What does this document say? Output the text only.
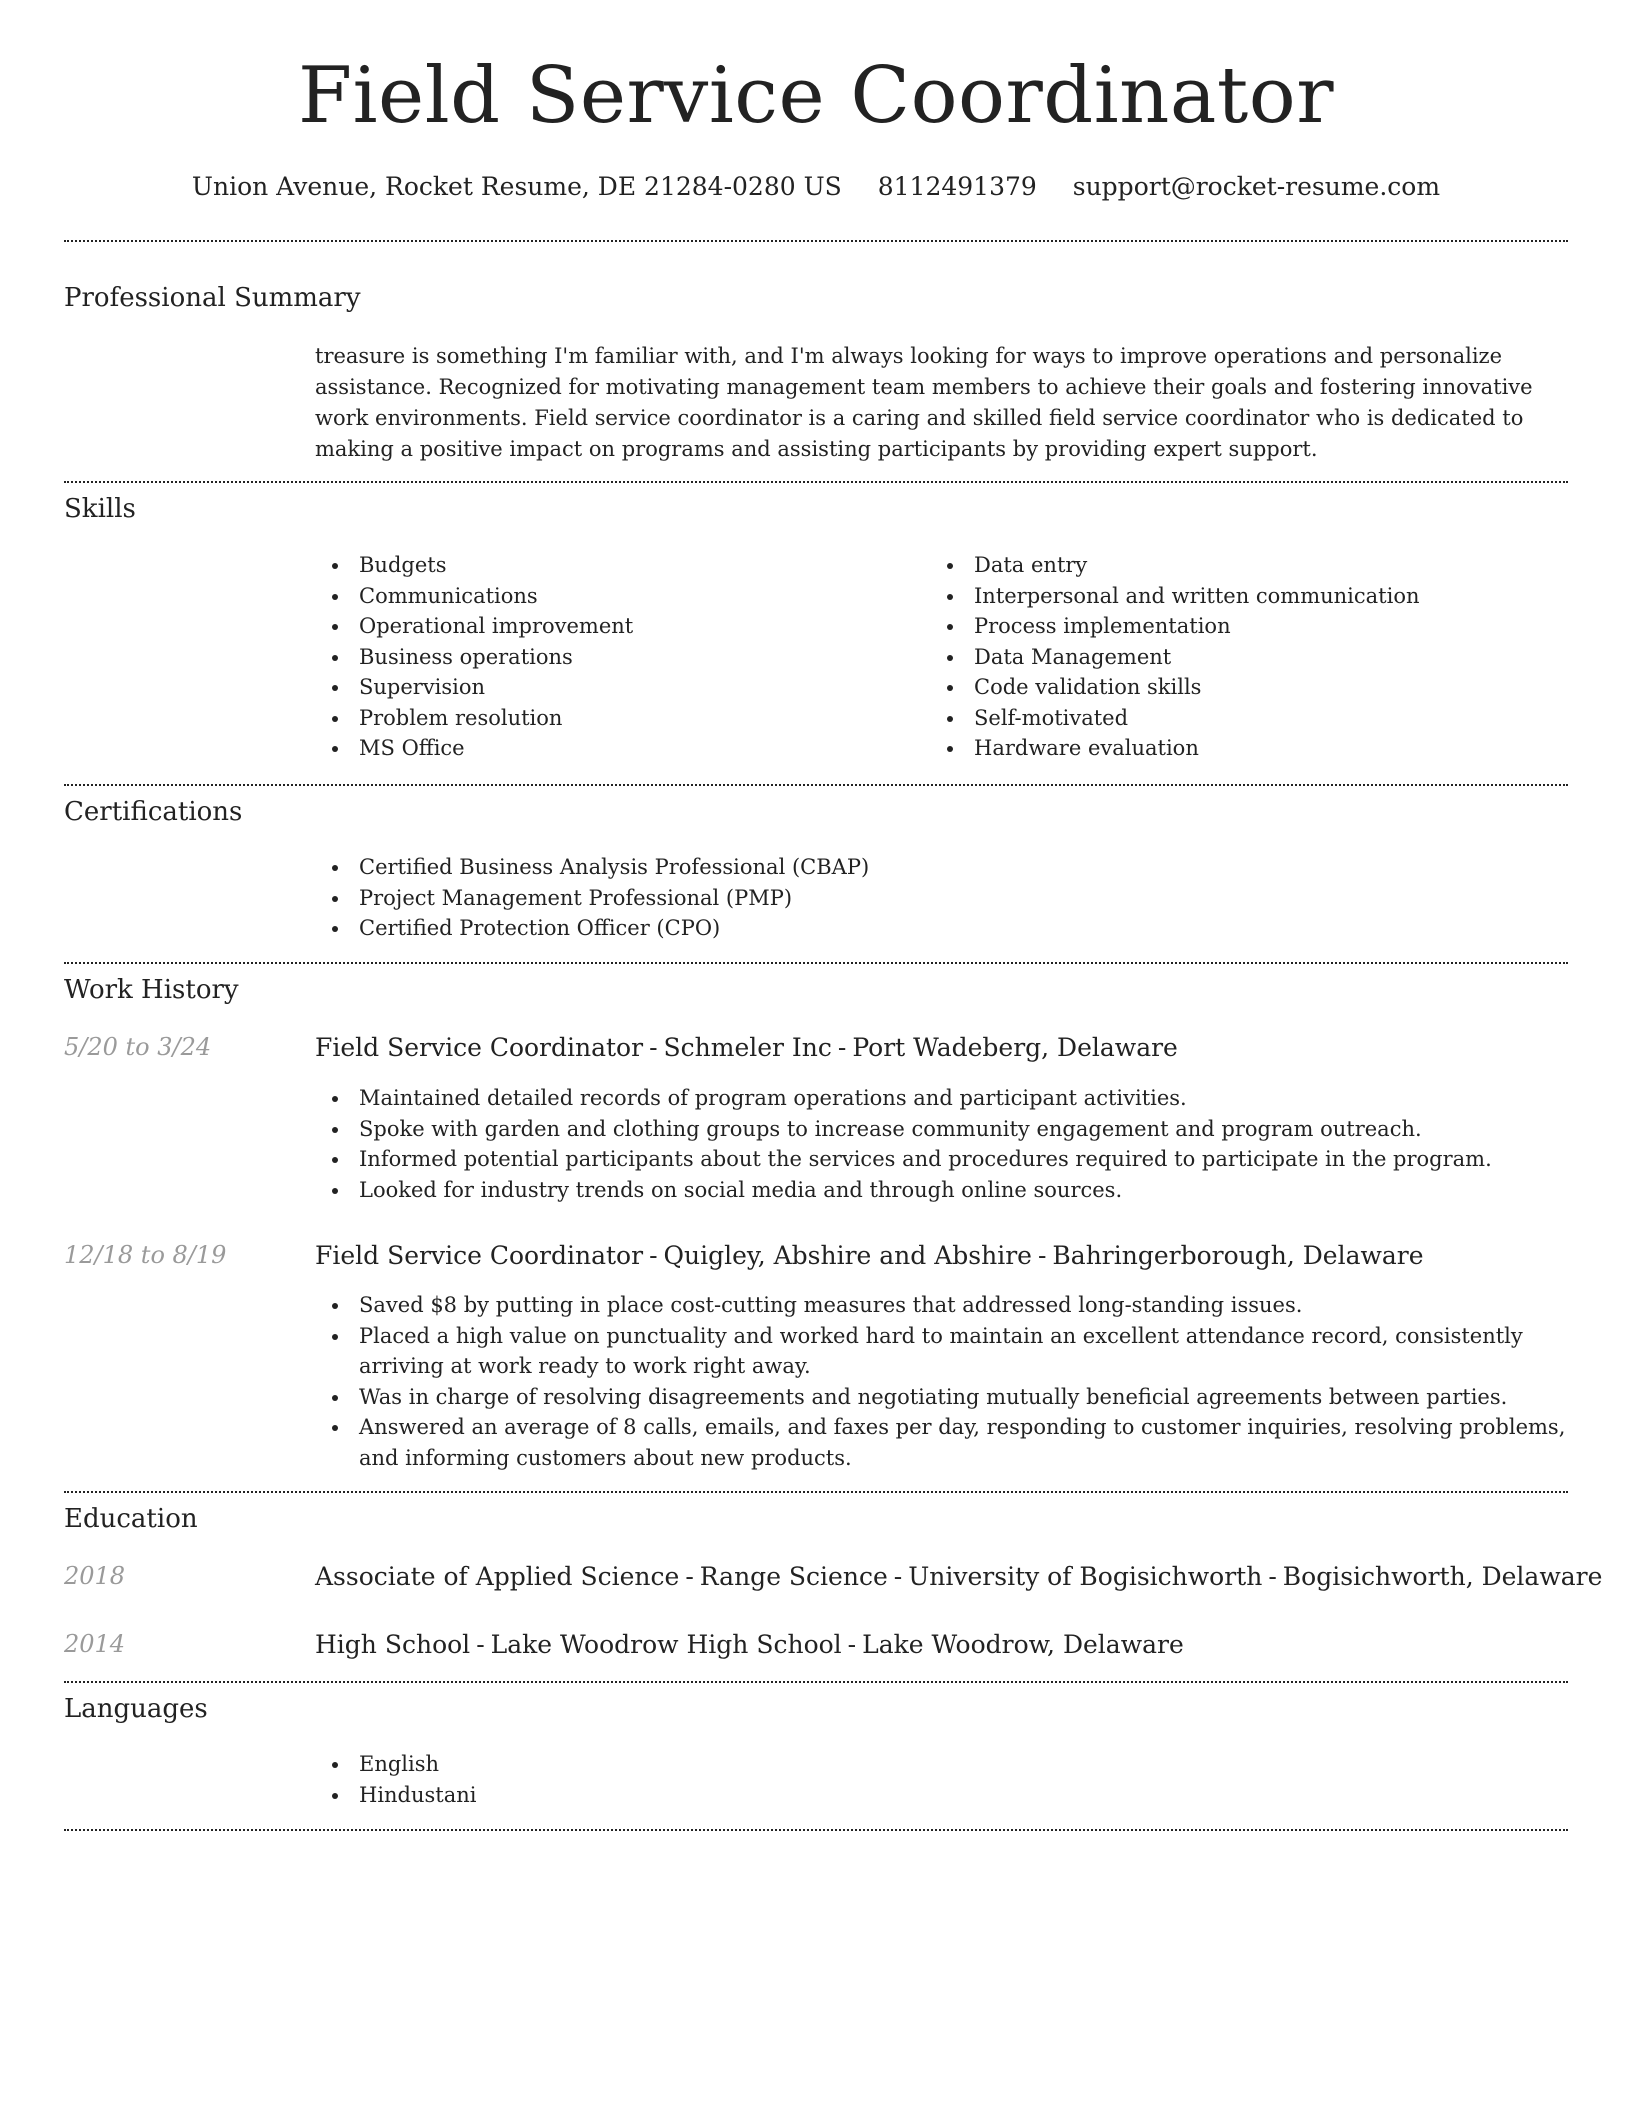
Field Service Coordinator
Union Avenue, Rocket Resume, DE 21284-0280 US 8112491379 support@rocket-resume.com
Professional Summary

treasure is something I'm familiar with, and I'm always looking for ways to improve operations and personalize assistance. Recognized for motivating management team members to achieve their goals and fostering innovative work environments. Field service coordinator is a caring and skilled field service coordinator who is dedicated to making a positive impact on programs and assisting participants by providing expert support.

Skills
Budgets
Communications
Operational improvement
Business operations
Supervision
Problem resolution
MS Office
Data entry
Interpersonal and written communication
Process implementation
Data Management
Code validation skills
Self-motivated
Hardware evaluation
Certifications
Certified Business Analysis Professional (CBAP)
Project Management Professional (PMP)
Certified Protection Officer (CPO)
Work History
5/20 to 3/24	Field Service Coordinator - Schmeler Inc - Port Wadeberg, Delaware
Maintained detailed records of program operations and participant activities.
Spoke with garden and clothing groups to increase community engagement and program outreach.
Informed potential participants about the services and procedures required to participate in the program.
Looked for industry trends on social media and through online sources.
12/18 to 8/19	Field Service Coordinator - Quigley, Abshire and Abshire - Bahringerborough, Delaware
Saved $8 by putting in place cost-cutting measures that addressed long-standing issues.
Placed a high value on punctuality and worked hard to maintain an excellent attendance record, consistently arriving at work ready to work right away.
Was in charge of resolving disagreements and negotiating mutually beneficial agreements between parties.
Answered an average of 8 calls, emails, and faxes per day, responding to customer inquiries, resolving problems, and informing customers about new products.
Education
2018	Associate of Applied Science - Range Science - University of Bogisichworth - Bogisichworth, Delaware
2014	High School - Lake Woodrow High School - Lake Woodrow, Delaware
Languages
English
Hindustani
